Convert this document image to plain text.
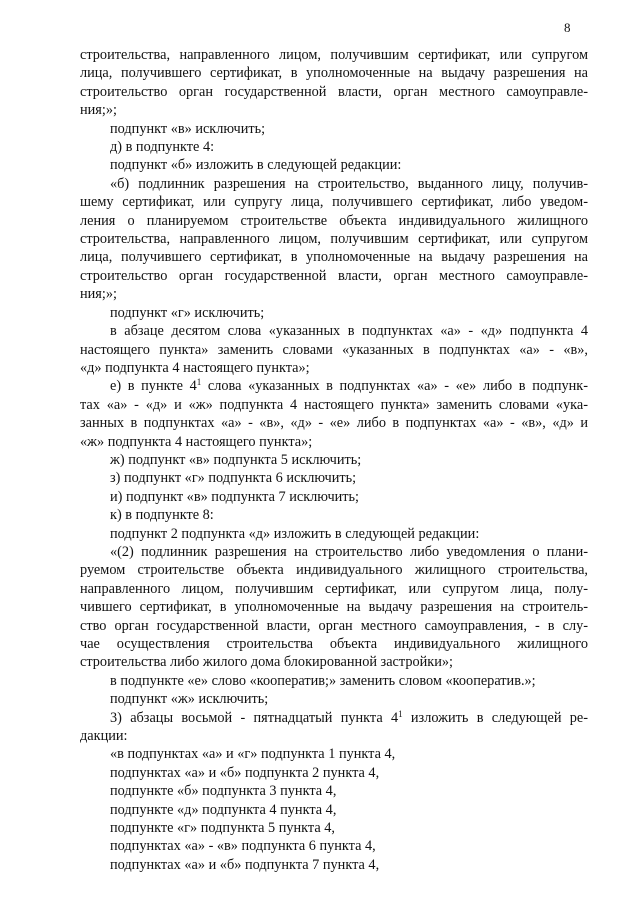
8
строительства, направленного лицом, получившим сертификат, или супругом
лица, получившего сертификат, в уполномоченные на выдачу разрешения на
строительство орган государственной власти, орган местного самоуправле-
ния;»;
подпункт «в» исключить;
д) в подпункте 4:
подпункт «б» изложить в следующей редакции:
«б) подлинник разрешения на строительство, выданного лицу, получив-
шему сертификат, или супругу лица, получившего сертификат, либо уведом-
ления о планируемом строительстве объекта индивидуального жилищного
строительства, направленного лицом, получившим сертификат, или супругом
лица, получившего сертификат, в уполномоченные на выдачу разрешения на
строительство орган государственной власти, орган местного самоуправле-
ния;»;
подпункт «г» исключить;
в абзаце десятом слова «указанных в подпунктах «а» - «д» подпункта 4
настоящего пункта» заменить словами «указанных в подпунктах «а» - «в»,
«д» подпункта 4 настоящего пункта»;
е) в пункте $4^1$ слова «указанных в подпунктах «а» - «е» либо в подпунк-
тах «а» - «д» и «ж» подпункта 4 настоящего пункта» заменить словами «ука-
занных в подпунктах «а» - «в», «д» - «е» либо в подпунктах «а» - «в», «д» и
«ж» подпункта 4 настоящего пункта»;
ж) подпункт «в» подпункта 5 исключить;
з) подпункт «г» подпункта 6 исключить;
и) подпункт «в» подпункта 7 исключить;
к) в подпункте 8:
подпункт 2 подпункта «д» изложить в следующей редакции:
«(2) подлинник разрешения на строительство либо уведомления о плани-
руемом строительстве объекта индивидуального жилищного строительства,
направленного лицом, получившим сертификат, или супругом лица, полу-
чившего сертификат, в уполномоченные на выдачу разрешения на строитель-
ство орган государственной власти, орган местного самоуправления, - в слу-
чае осуществления строительства объекта индивидуального жилищного
строительства либо жилого дома блокированной застройки»;
в подпункте «е» слово «кооператив;» заменить словом «кооператив.»;
подпункт «ж» исключить;
3) абзацы восьмой - пятнадцатый пункта $4^1$ изложить в следующей ре-
дакции:
«в подпунктах «а» и «г» подпункта 1 пункта 4,
подпунктах «а» и «б» подпункта 2 пункта 4,
подпункте «б» подпункта 3 пункта 4,
подпункте «д» подпункта 4 пункта 4,
подпункте «г» подпункта 5 пункта 4,
подпунктах «а» - «в» подпункта 6 пункта 4,
подпунктах «а» и «б» подпункта 7 пункта 4,
